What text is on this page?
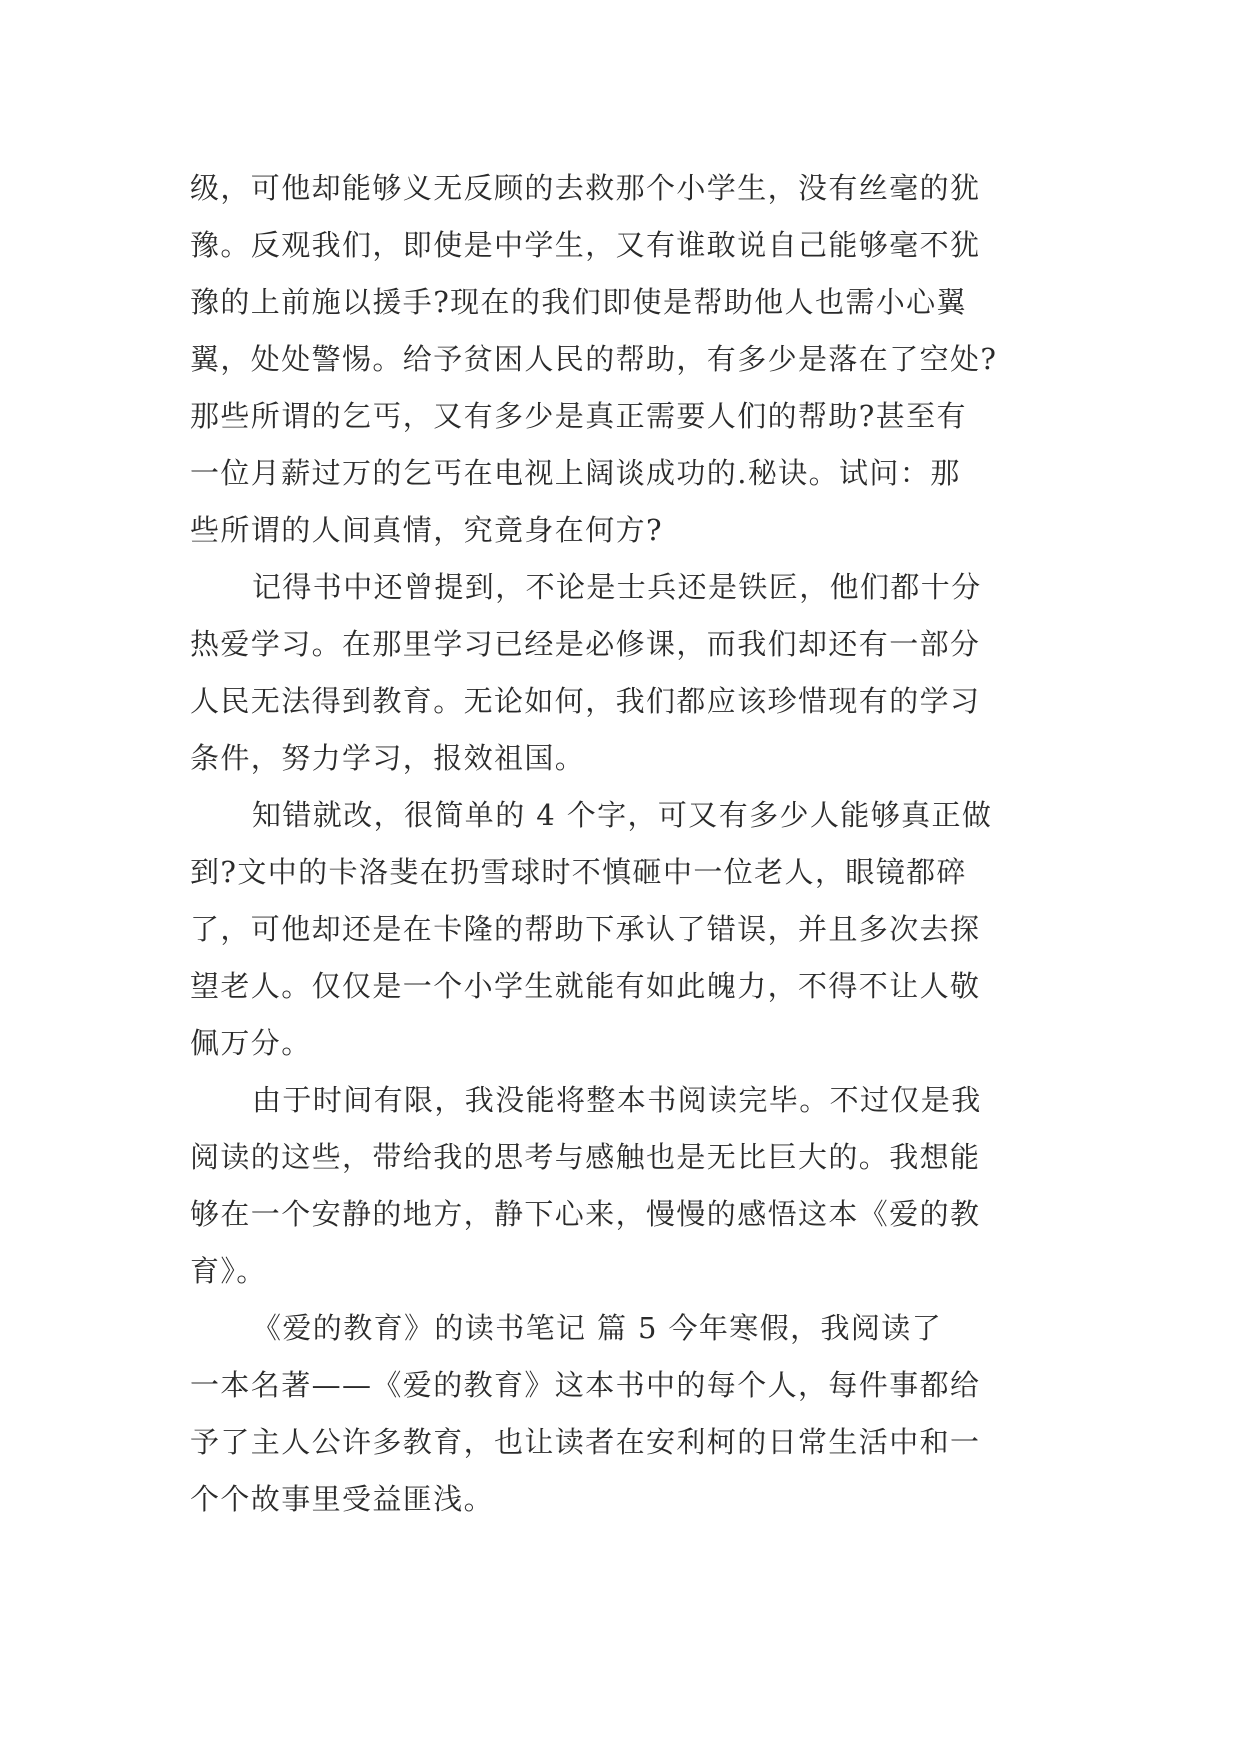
级，可他却能够义无反顾的去救那个小学生，没有丝毫的犹
豫。反观我们，即使是中学生，又有谁敢说自己能够毫不犹
豫的上前施以援手?现在的我们即使是帮助他人也需小心翼
翼，处处警惕。给予贫困人民的帮助，有多少是落在了空处?
那些所谓的乞丐，又有多少是真正需要人们的帮助?甚至有
一位月薪过万的乞丐在电视上阔谈成功的.秘诀。试问：那
些所谓的人间真情，究竟身在何方?
记得书中还曾提到，不论是士兵还是铁匠，他们都十分
热爱学习。在那里学习已经是必修课，而我们却还有一部分
人民无法得到教育。无论如何，我们都应该珍惜现有的学习
条件，努力学习，报效祖国。
知错就改，很简单的 4 个字，可又有多少人能够真正做
到?文中的卡洛斐在扔雪球时不慎砸中一位老人，眼镜都碎
了，可他却还是在卡隆的帮助下承认了错误，并且多次去探
望老人。仅仅是一个小学生就能有如此魄力，不得不让人敬
佩万分。
由于时间有限，我没能将整本书阅读完毕。不过仅是我
阅读的这些，带给我的思考与感触也是无比巨大的。我想能
够在一个安静的地方，静下心来，慢慢的感悟这本《爱的教
育》。
《爱的教育》的读书笔记 篇 5 今年寒假，我阅读了
一本名著——《爱的教育》这本书中的每个人，每件事都给
予了主人公许多教育，也让读者在安利柯的日常生活中和一
个个故事里受益匪浅。
